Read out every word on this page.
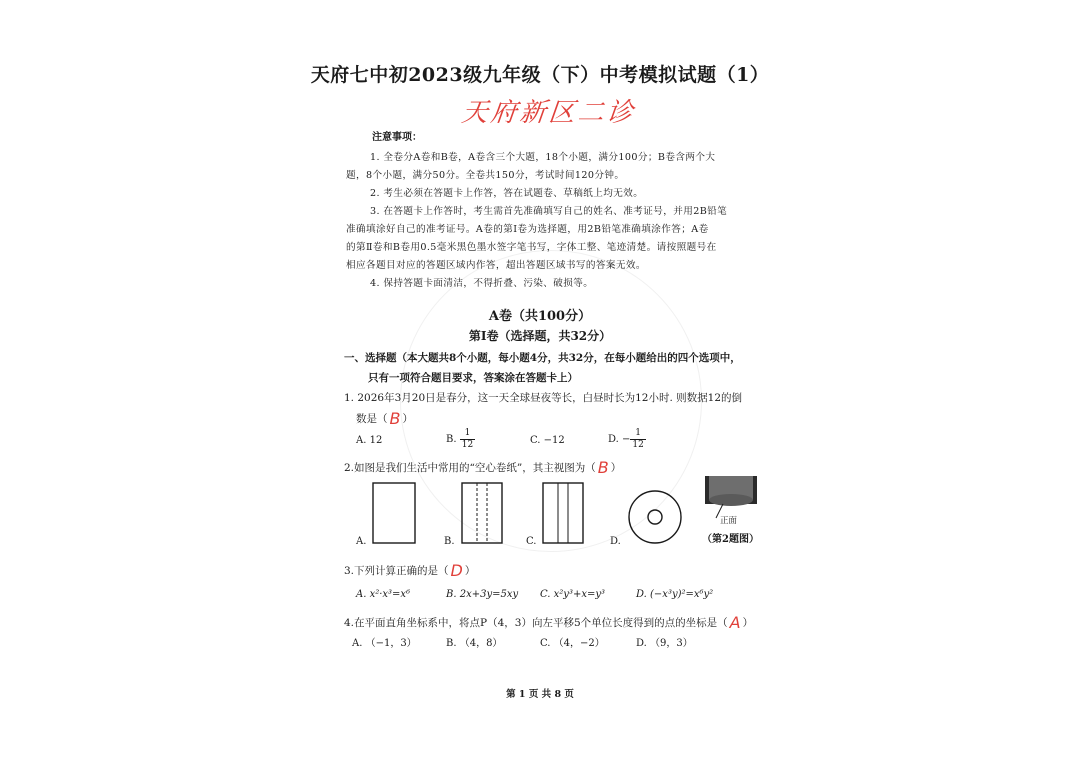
天府七中初2023级九年级（下）中考模拟试题（1）
天府新区二诊
注意事项：
1. 全卷分A卷和B卷，A卷含三个大题，18个小题，满分100分；B卷含两个大
题，8个小题，满分50分。全卷共150分，考试时间120分钟。
2. 考生必须在答题卡上作答，答在试题卷、草稿纸上均无效。
3. 在答题卡上作答时，考生需首先准确填写自己的姓名、准考证号，并用2B铅笔
准确填涂好自己的准考证号。A卷的第Ⅰ卷为选择题，用2B铅笔准确填涂作答；A卷
的第Ⅱ卷和B卷用0.5毫米黑色墨水签字笔书写，字体工整、笔迹清楚。请按照题号在
相应各题目对应的答题区域内作答，超出答题区域书写的答案无效。
4. 保持答题卡面清洁，不得折叠、污染、破损等。
A卷（共100分）
第Ⅰ卷（选择题，共32分）
一、选择题（本大题共8个小题，每小题4分，共32分，在每小题给出的四个选项中，
只有一项符合题目要求，答案涂在答题卡上）
1. 2026年3月20日是春分，这一天全球昼夜等长，白昼时长为12小时. 则数据12的倒
数是（ B ）
A. 12	B. $\frac{1}{12}$	C. −12	D. − $\frac{1}{12}$
2.如图是我们生活中常用的“空心卷纸”，其主视图为（ B ）
正面
A.	B.	C.	D.	（第2题图）
3.下列计算正确的是（ D ）
A. x²·x³=x⁶	B. 2x+3y=5xy C. x²y³+x=y³	D. (−x³y)²=x⁶y²
4.在平面直角坐标系中，将点P（4，3）向左平移5个单位长度得到的点的坐标是（ A ）
A. （−1，3）	B. （4，8）	C. （4，−2）	D. （9，3）
第 1 页 共 8 页
